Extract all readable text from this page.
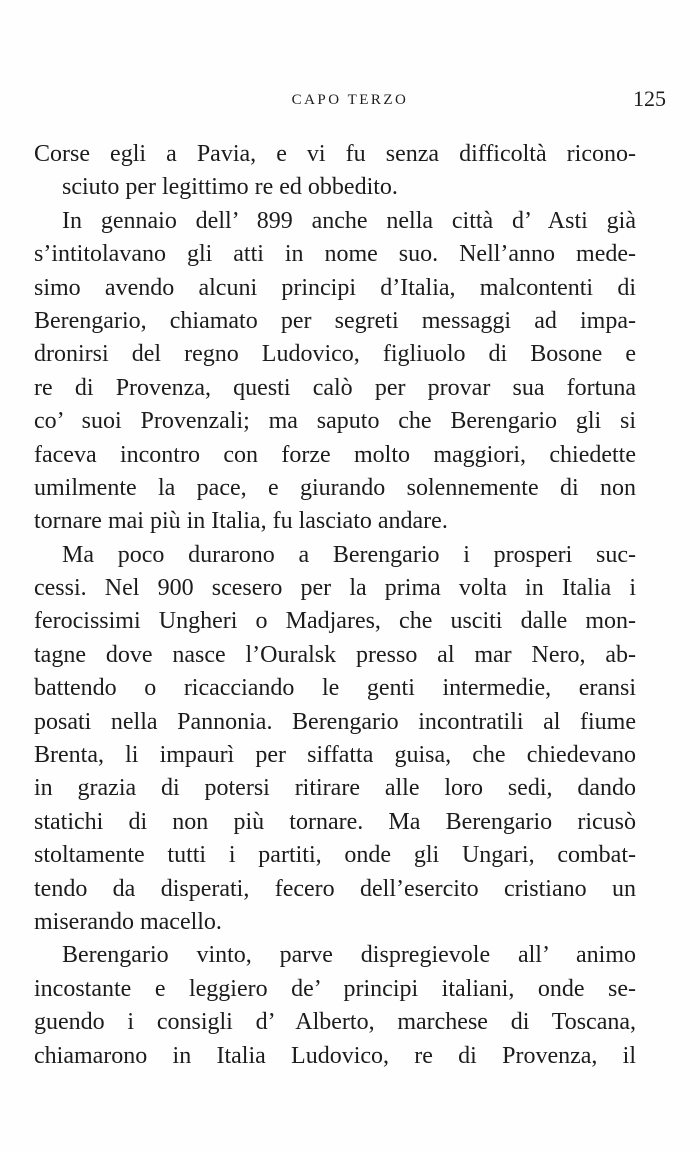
CAPO TERZO	125
Corse egli a Pavia, e vi fu senza difficoltà ricono-
sciuto per legittimo re ed obbedito.
In gennaio dell’ 899 anche nella città d’ Asti già
s’intitolavano gli atti in nome suo. Nell’anno mede-
simo avendo alcuni principi d’Italia, malcontenti di
Berengario, chiamato per segreti messaggi ad impa-
dronirsi del regno Ludovico, figliuolo di Bosone e
re di Provenza, questi calò per provar sua fortuna
co’ suoi Provenzali; ma saputo che Berengario gli si
faceva incontro con forze molto maggiori, chiedette
umilmente la pace, e giurando solennemente di non
tornare mai più in Italia, fu lasciato andare.
Ma poco durarono a Berengario i prosperi suc-
cessi. Nel 900 scesero per la prima volta in Italia i
ferocissimi Ungheri o Madjares, che usciti dalle mon-
tagne dove nasce l’Ouralsk presso al mar Nero, ab-
battendo o ricacciando le genti intermedie, eransi
posati nella Pannonia. Berengario incontratili al fiume
Brenta, li impaurì per siffatta guisa, che chiedevano
in grazia di potersi ritirare alle loro sedi, dando
statichi di non più tornare. Ma Berengario ricusò
stoltamente tutti i partiti, onde gli Ungari, combat-
tendo da disperati, fecero dell’esercito cristiano un
miserando macello.
Berengario vinto, parve dispregievole all’ animo
incostante e leggiero de’ principi italiani, onde se-
guendo i consigli d’ Alberto, marchese di Toscana,
chiamarono in Italia Ludovico, re di Provenza, il
